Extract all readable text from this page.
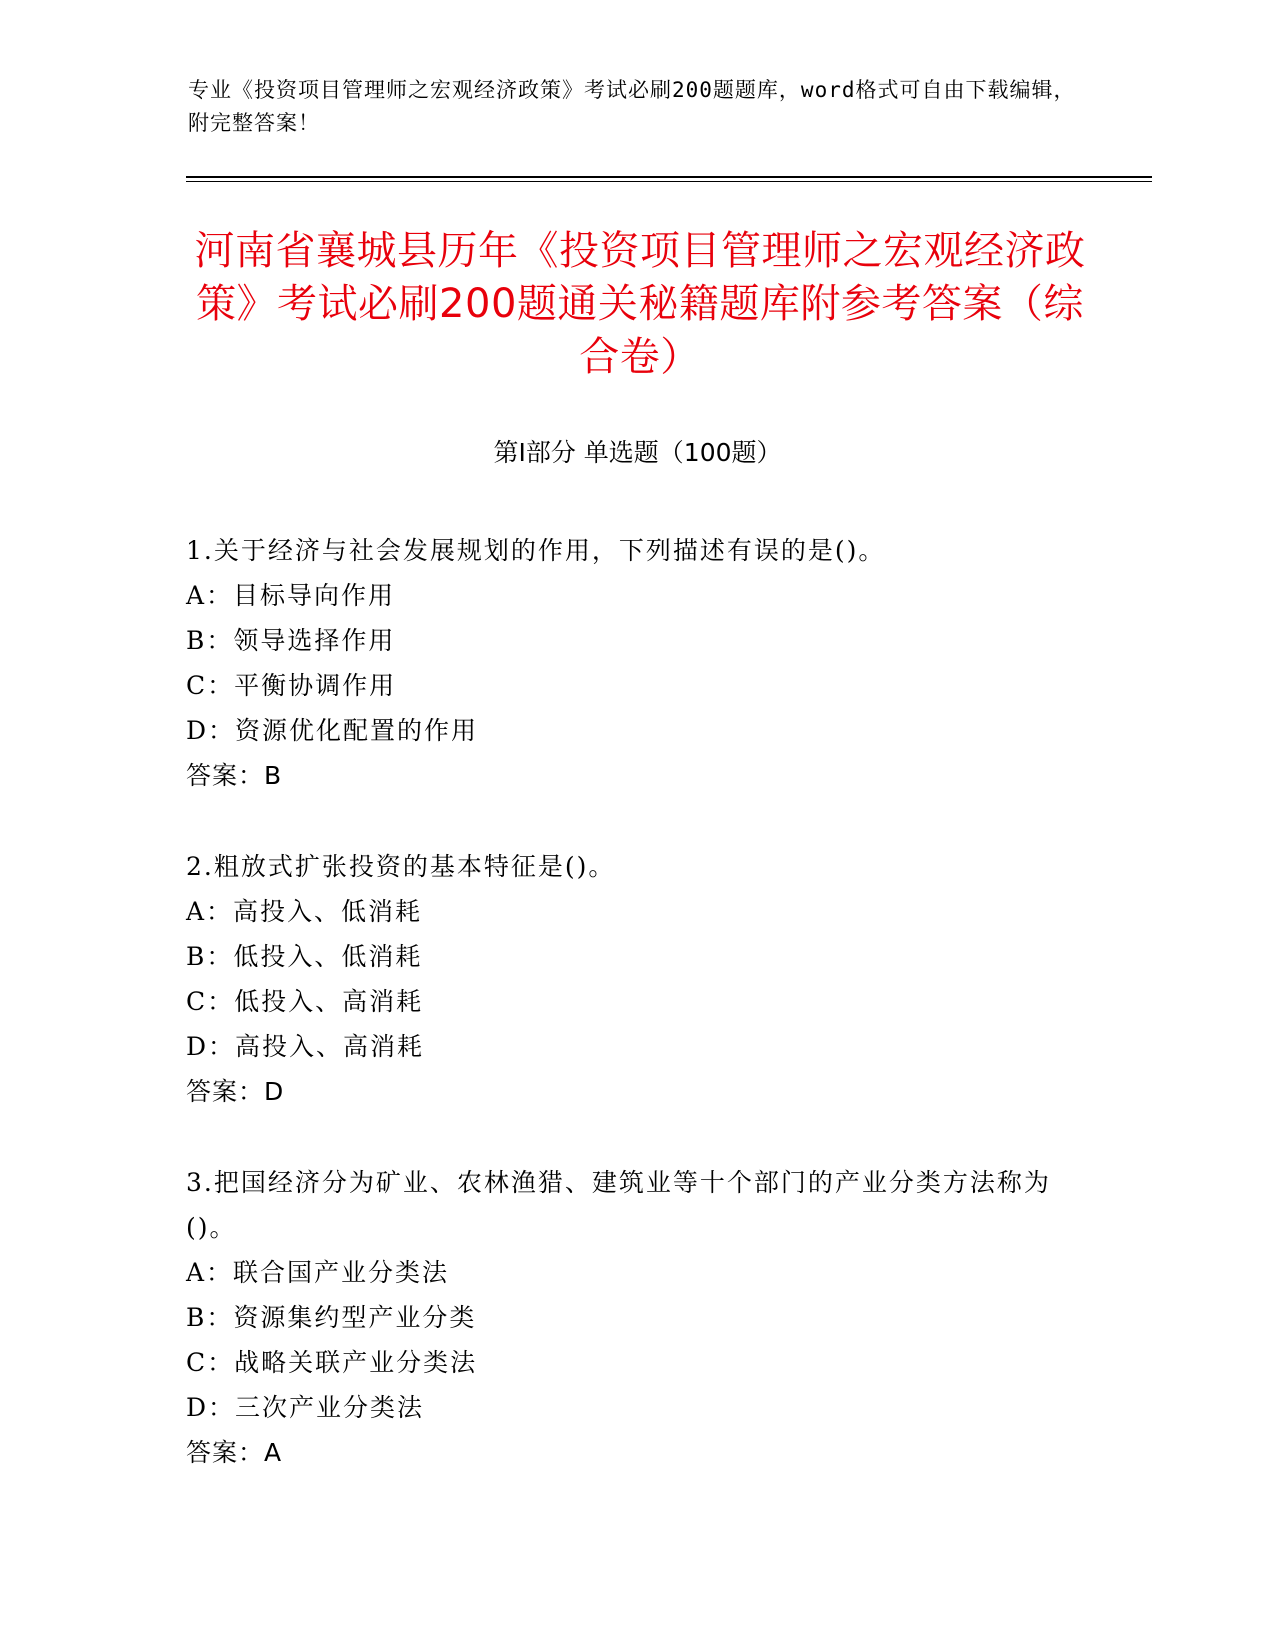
专业《投资项目管理师之宏观经济政策》考试必刷200题题库，word格式可自由下载编辑，附完整答案！
河南省襄城县历年《投资项目管理师之宏观经济政策》考试必刷200题通关秘籍题库附参考答案（综合卷）
第Ⅰ部分 单选题（100题）
1.关于经济与社会发展规划的作用，下列描述有误的是()。
A：目标导向作用
B：领导选择作用
C：平衡协调作用
D：资源优化配置的作用
答案：B
2.粗放式扩张投资的基本特征是()。
A：高投入、低消耗
B：低投入、低消耗
C：低投入、高消耗
D：高投入、高消耗
答案：D
3.把国经济分为矿业、农林渔猎、建筑业等十个部门的产业分类方法称为()。
A：联合国产业分类法
B：资源集约型产业分类
C：战略关联产业分类法
D：三次产业分类法
答案：A
